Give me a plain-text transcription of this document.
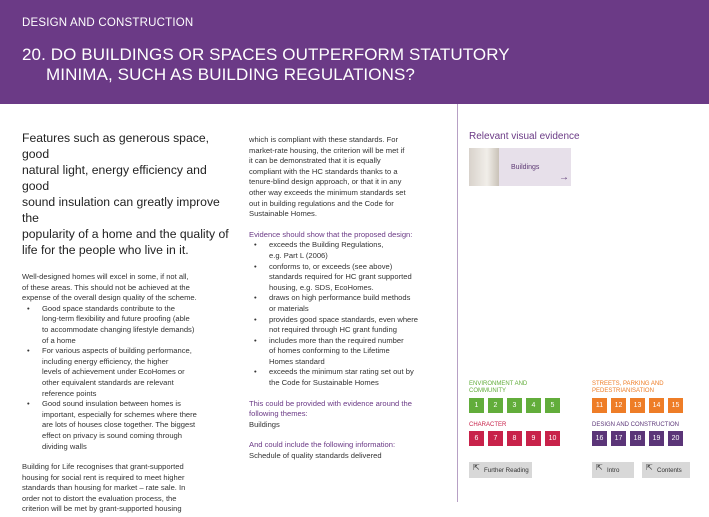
DESIGN AND CONSTRUCTION
20. DO BUILDINGS OR SPACES OUTPERFORM STATUTORY
MINIMA, SUCH AS BUILDING REGULATIONS?
Features such as generous space, good
natural light, energy efficiency and good
sound insulation can greatly improve the
popularity of a home and the quality of
life for the people who live in it.
Well-designed homes will excel in some, if not all,
of these areas. This should not be achieved at the
expense of the overall design quality of the scheme.
• Good space standards contribute to the
long-term flexibility and future proofing (able
to accommodate changing lifestyle demands)
of a home
• For various aspects of building performance,
including energy efficiency, the higher
levels of achievement under EcoHomes or
other equivalent standards are relevant
reference points
• Good sound insulation between homes is
important, especially for schemes where there
are lots of houses close together. The biggest
effect on privacy is sound coming through
dividing walls
Building for Life recognises that grant-supported
housing for social rent is required to meet higher
standards than housing for market – rate sale. In
order not to distort the evaluation process, the
criterion will be met by grant-supported housing
which is compliant with these standards. For
market-rate housing, the criterion will be met if
it can be demonstrated that it is equally
compliant with the HC standards thanks to a
tenure-blind design approach, or that it in any
other way exceeds the minimum standards set
out in building regulations and the Code for
Sustainable Homes.
Evidence should show that the proposed design:
• exceeds the Building Regulations,
e.g. Part L (2006)
• conforms to, or exceeds (see above)
standards required for HC grant supported
housing, e.g. SDS, EcoHomes.
• draws on high performance build methods
or materials
• provides good space standards, even where
not required through HC grant funding
• includes more than the required number
of homes conforming to the Lifetime
Homes standard
• exceeds the minimum star rating set out by
the Code for Sustainable Homes
This could be provided with evidence around the
following themes:
Buildings
And could include the following information:
Schedule of quality standards delivered
Relevant visual evidence
Buildings
→
ENVIRONMENT AND
COMMUNITY
1	2	3	4	5
STREETS, PARKING AND
PEDESTRIANISATION
11	12	13	14	15
CHARACTER
6	7	8	9	10
DESIGN AND CONSTRUCTION
16	17	18	19	20
⇱ Further Reading	⇱ Intro	⇱ Contents
